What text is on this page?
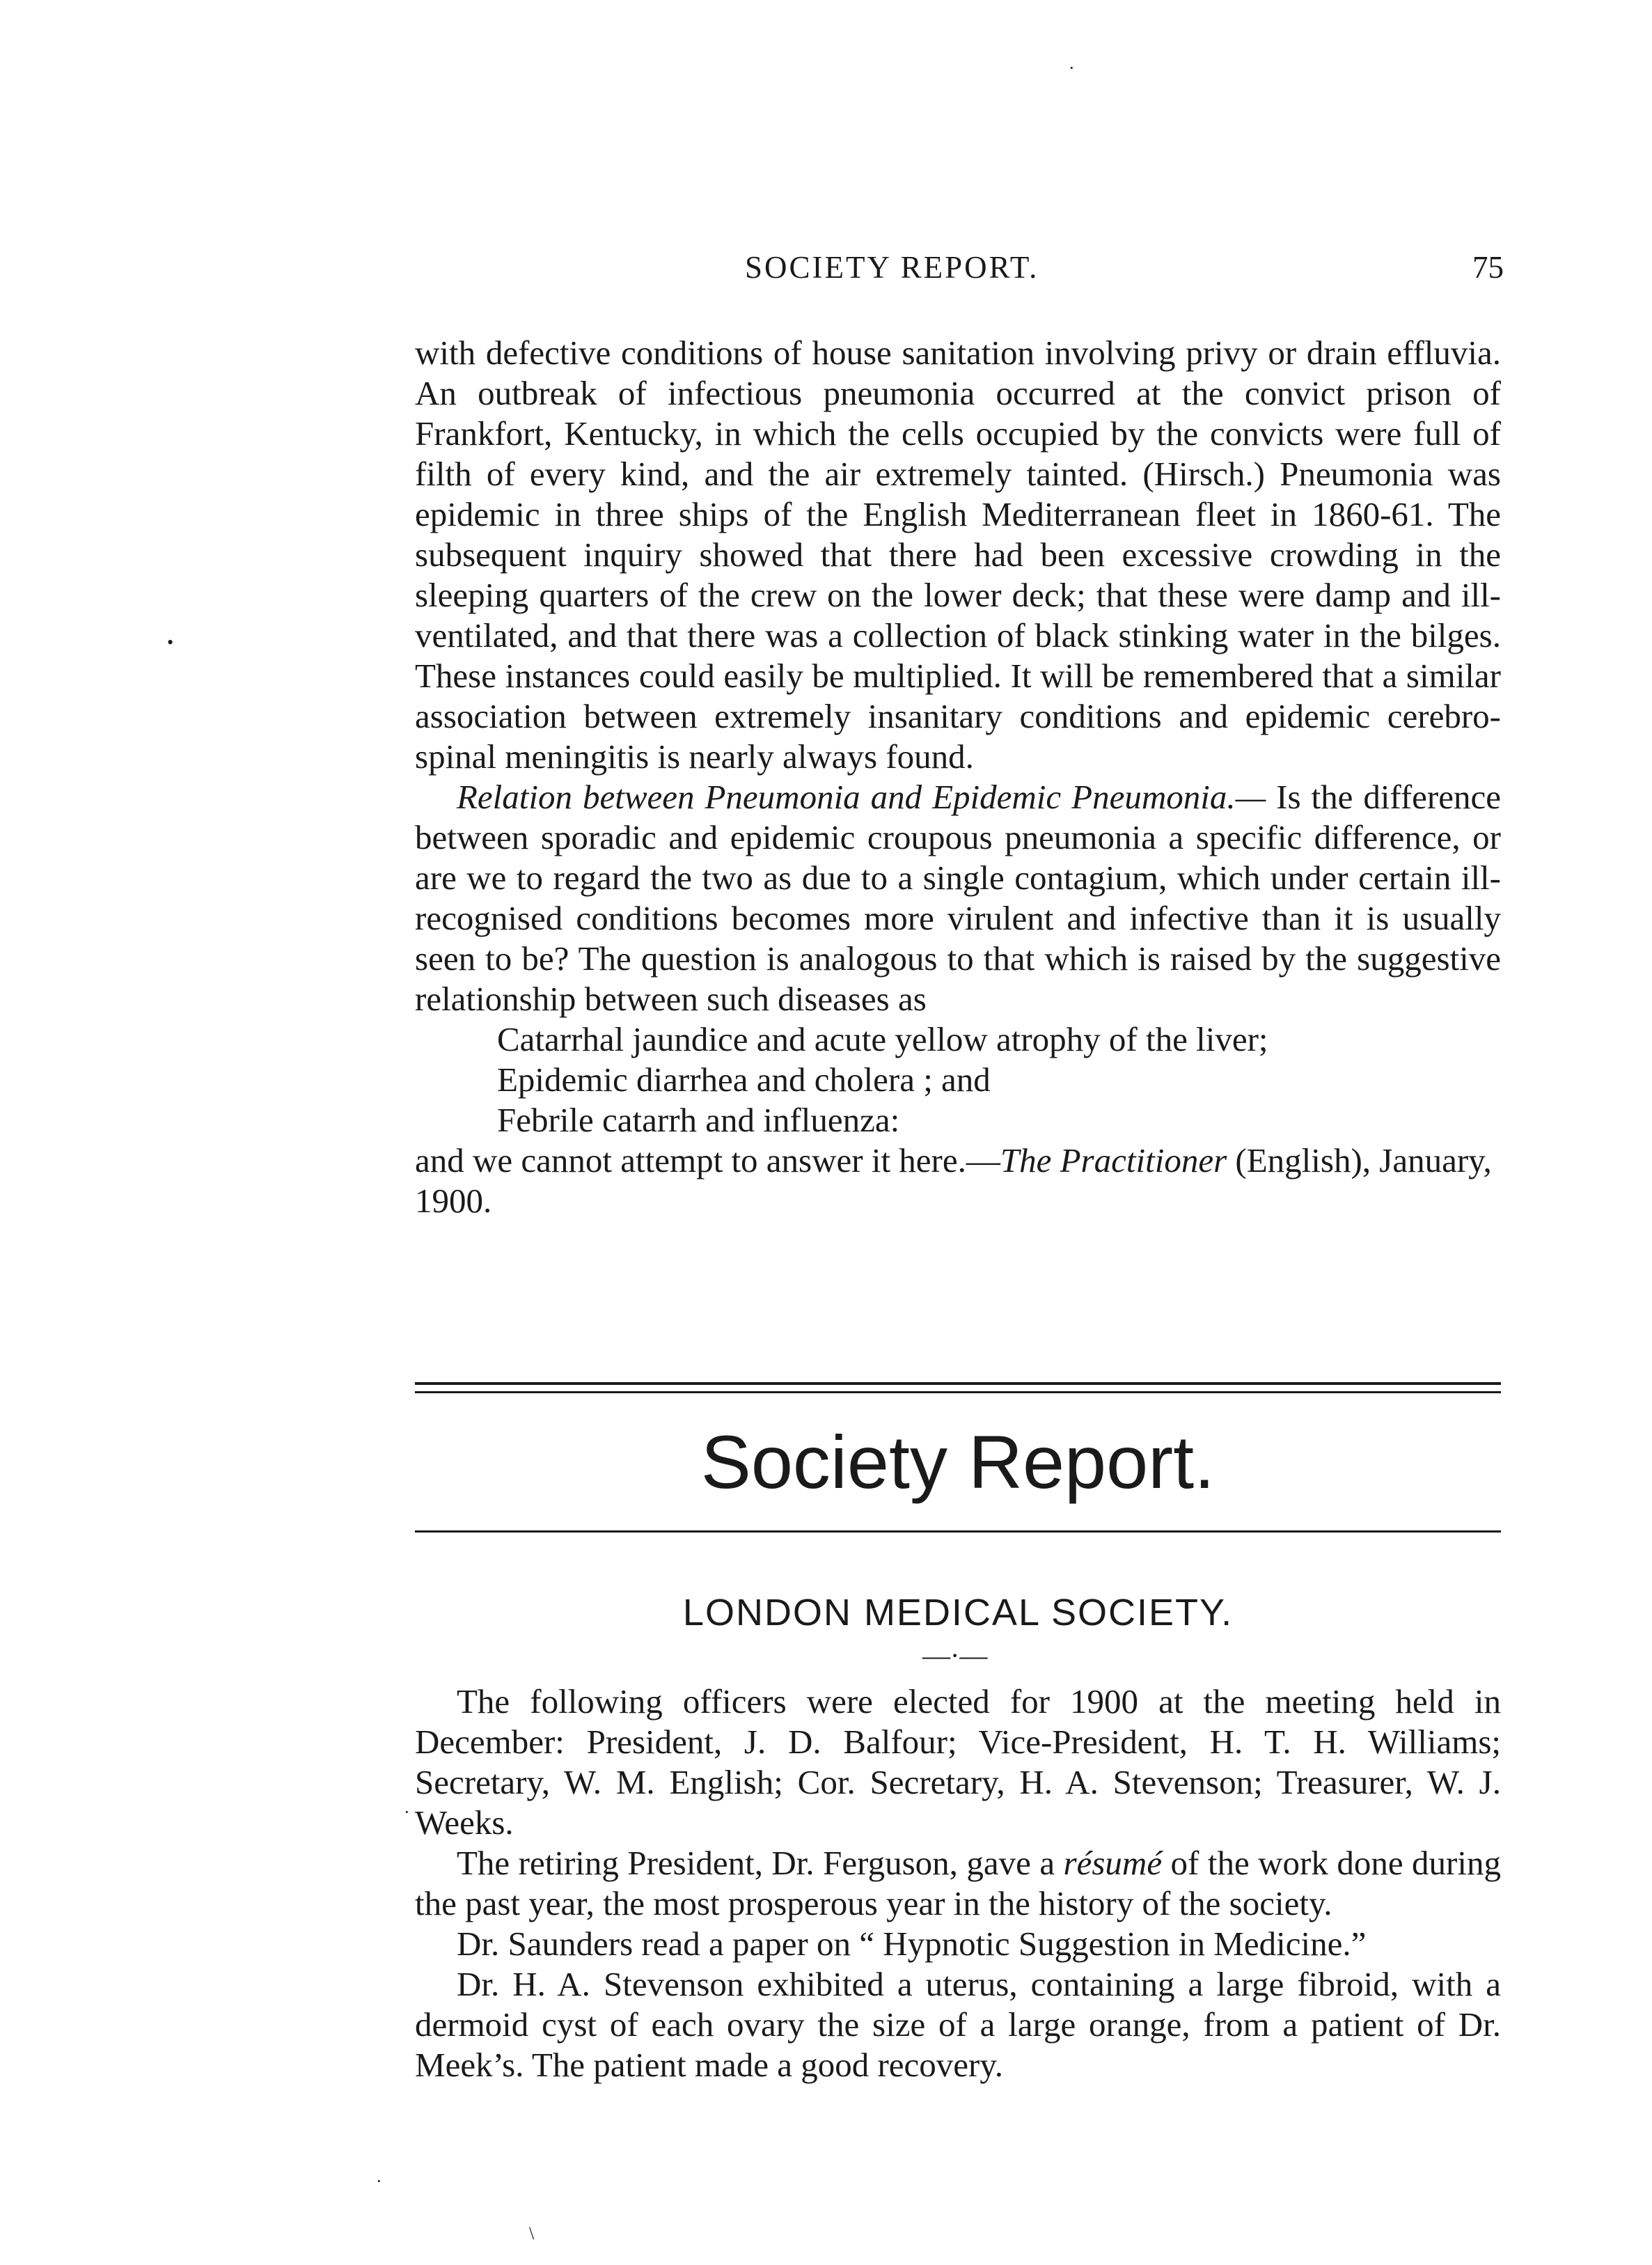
SOCIETY REPORT.	75

with defective conditions of house sanitation involving privy or drain effluvia. An outbreak of infectious pneumonia occurred at the convict prison of Frankfort, Kentucky, in which the cells occupied by the convicts were full of filth of every kind, and the air extremely tainted. (Hirsch.) Pneumonia was epidemic in three ships of the English Mediterranean fleet in 1860-61. The subsequent inquiry showed that there had been excessive crowding in the sleeping quarters of the crew on the lower deck; that these were damp and ill-ventilated, and that there was a collection of black stinking water in the bilges. These instances could easily be multiplied. It will be remembered that a similar association between extremely insanitary conditions and epidemic cerebro-spinal meningitis is nearly always found.

Relation between Pneumonia and Epidemic Pneumonia.— Is the difference between sporadic and epidemic croupous pneumonia a specific difference, or are we to regard the two as due to a single contagium, which under certain ill-recognised conditions becomes more virulent and infective than it is usually seen to be? The question is analogous to that which is raised by the suggestive relationship between such diseases as

Catarrhal jaundice and acute yellow atrophy of the liver;
Epidemic diarrhea and cholera ; and
Febrile catarrh and influenza:

and we cannot attempt to answer it here.—The Practitioner (English), January, 1900.

Society Report.
LONDON MEDICAL SOCIETY.
—·—

The following officers were elected for 1900 at the meeting held in December: President, J. D. Balfour; Vice-President, H. T. H. Williams; Secretary, W. M. English; Cor. Secretary, H. A. Stevenson; Treasurer, W. J. Weeks.

The retiring President, Dr. Ferguson, gave a résumé of the work done during the past year, the most prosperous year in the history of the society.

Dr. Saunders read a paper on “ Hypnotic Suggestion in Medicine.”

Dr. H. A. Stevenson exhibited a uterus, containing a large fibroid, with a dermoid cyst of each ovary the size of a large orange, from a patient of Dr. Meek’s. The patient made a good recovery.

·
•
·
·
\
